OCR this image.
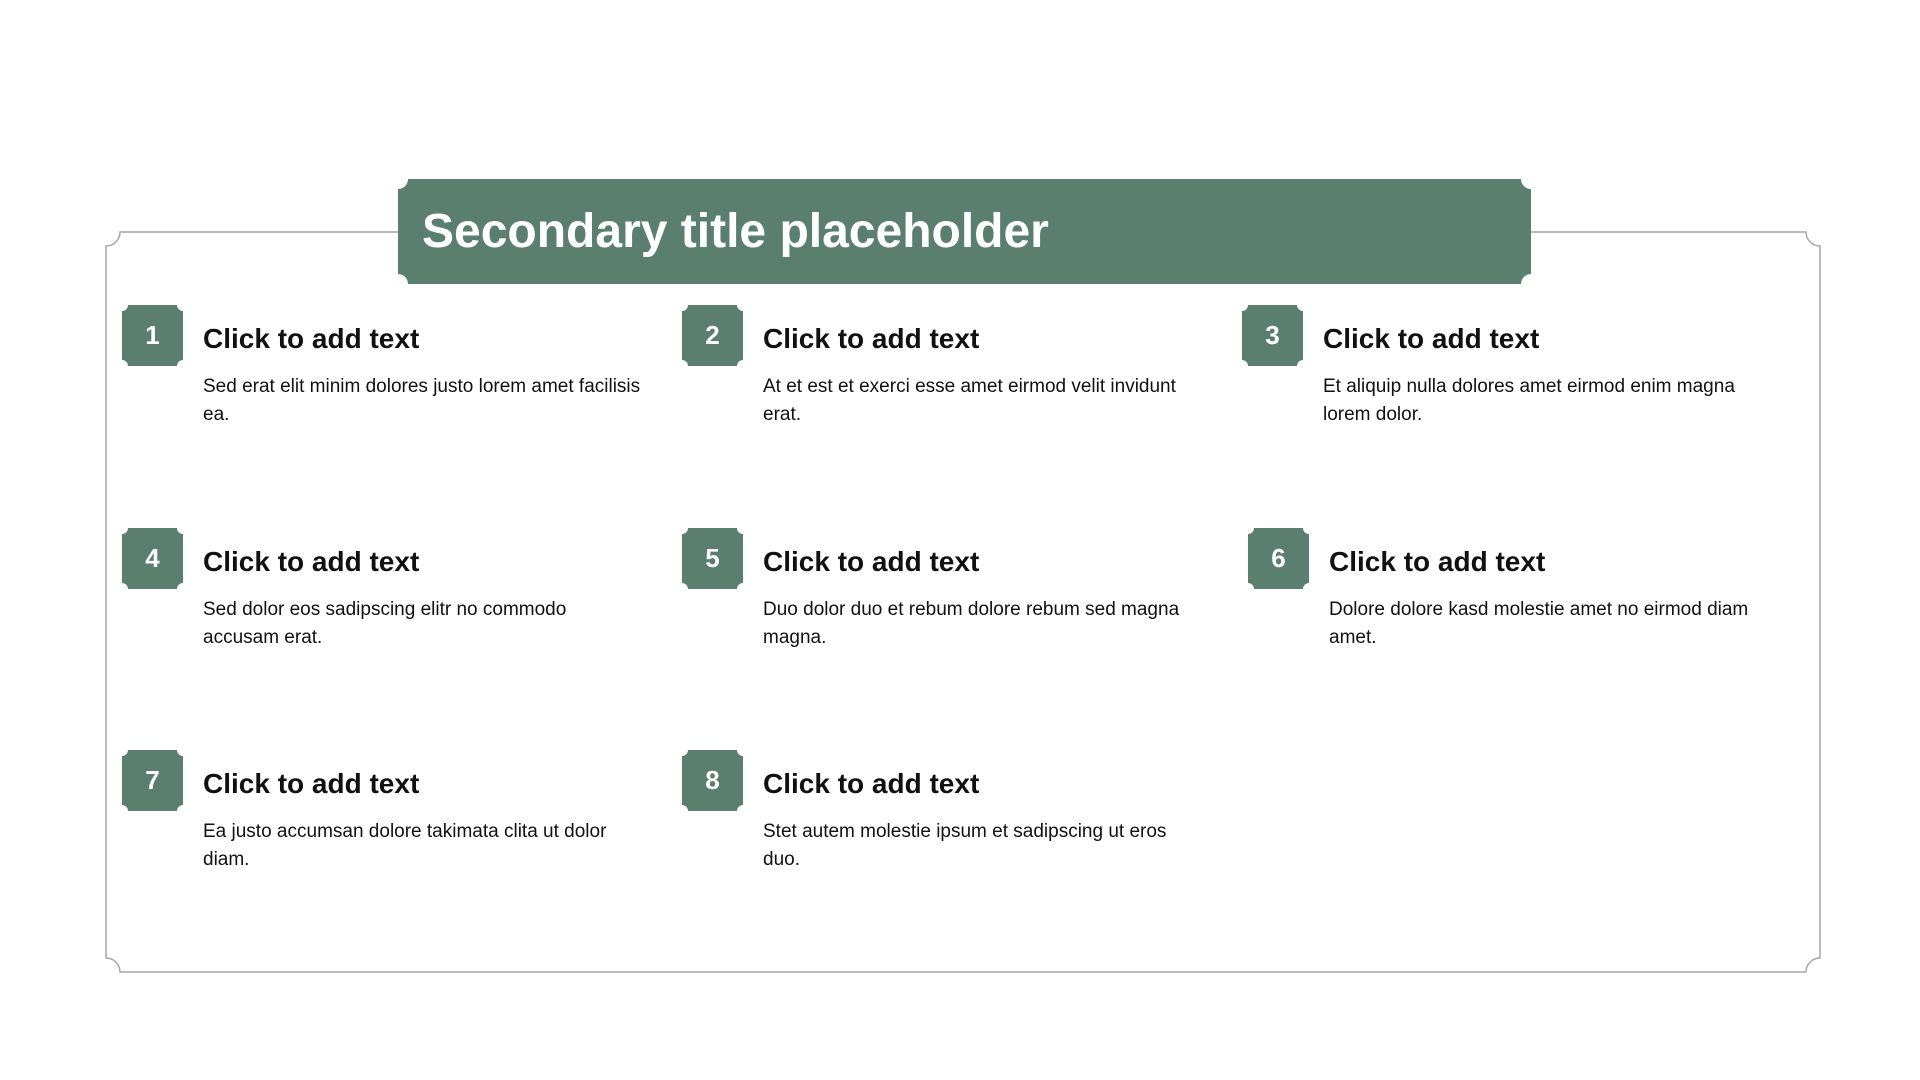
Secondary title placeholder
1	Click to add text
Sed erat elit minim dolores justo lorem amet facilisis ea.
2	Click to add text
At et est et exerci esse amet eirmod velit invidunt erat.
3	Click to add text
Et aliquip nulla dolores amet eirmod enim magna lorem dolor.
4	Click to add text
Sed dolor eos sadipscing elitr no commodo accusam erat.
5	Click to add text
Duo dolor duo et rebum dolore rebum sed magna magna.
6	Click to add text
Dolore dolore kasd molestie amet no eirmod diam amet.
7	Click to add text
Ea justo accumsan dolore takimata clita ut dolor diam.
8	Click to add text
Stet autem molestie ipsum et sadipscing ut eros duo.
